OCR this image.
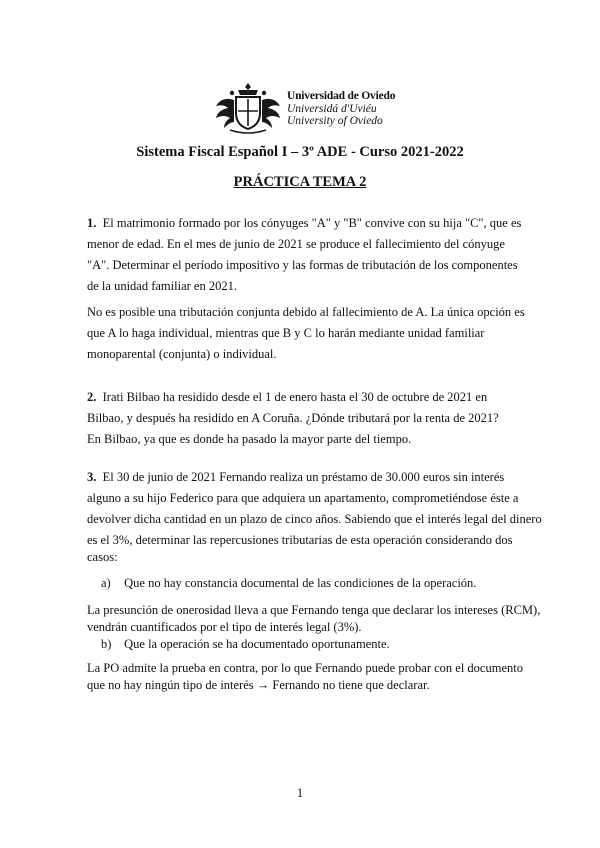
Universidad de Oviedo
Universidá d'Uviéu
University of Oviedo
Sistema Fiscal Español I – 3º ADE - Curso 2021-2022
PRÁCTICA TEMA 2
1. El matrimonio formado por los cónyuges "A" y "B" convive con su hija "C", que es
menor de edad. En el mes de junio de 2021 se produce el fallecimiento del cónyuge
"A". Determinar el período impositivo y las formas de tributación de los componentes
de la unidad familiar en 2021.
No es posible una tributación conjunta debido al fallecimiento de A. La única opción es
que A lo haga individual, mientras que B y C lo harán mediante unidad familiar
monoparental (conjunta) o individual.
2. Irati Bilbao ha residido desde el 1 de enero hasta el 30 de octubre de 2021 en
Bilbao, y después ha residido en A Coruña. ¿Dónde tributará por la renta de 2021?
En Bilbao, ya que es donde ha pasado la mayor parte del tiempo.
3. El 30 de junio de 2021 Fernando realiza un préstamo de 30.000 euros sin interés
alguno a su hijo Federico para que adquiera un apartamento, comprometiéndose éste a
devolver dicha cantidad en un plazo de cinco años. Sabiendo que el interés legal del dinero
es el 3%, determinar las repercusiones tributarias de esta operación considerando dos
casos:
a) Que no hay constancia documental de las condiciones de la operación.
La presunción de onerosidad lleva a que Fernando tenga que declarar los intereses (RCM),
vendrán cuantificados por el tipo de interés legal (3%).
b) Que la operación se ha documentado oportunamente.
La PO admite la prueba en contra, por lo que Fernando puede probar con el documento
que no hay ningún tipo de interés → Fernando no tiene que declarar.
1
